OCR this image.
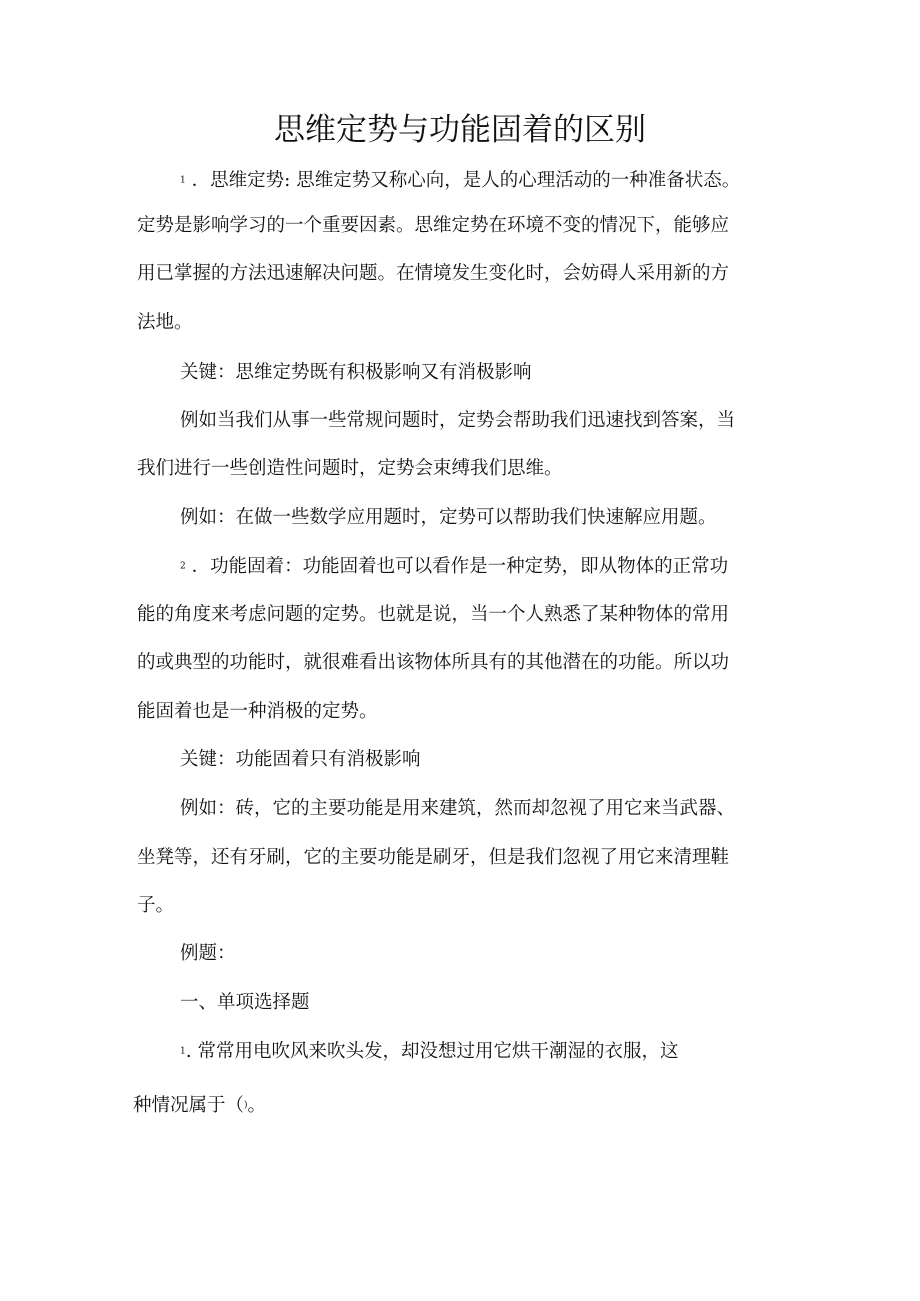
思维定势与功能固着的区别
1 ．思维定势: 思维定势又称心向，是人的心理活动的一种准备状态。
定势是影响学习的一个重要因素。思维定势在环境不变的情况下，能够应
用已掌握的方法迅速解决问题。在情境发生变化时，会妨碍人采用新的方
法地。
关键：思维定势既有积极影响又有消极影响
例如当我们从事一些常规问题时，定势会帮助我们迅速找到答案，当
我们进行一些创造性问题时，定势会束缚我们思维。
例如：在做一些数学应用题时，定势可以帮助我们快速解应用题。
2 ．功能固着：功能固着也可以看作是一种定势，即从物体的正常功
能的角度来考虑问题的定势。也就是说，当一个人熟悉了某种物体的常用
的或典型的功能时，就很难看出该物体所具有的其他潜在的功能。所以功
能固着也是一种消极的定势。
关键：功能固着只有消极影响
例如：砖，它的主要功能是用来建筑，然而却忽视了用它来当武器、
坐凳等，还有牙刷，它的主要功能是刷牙，但是我们忽视了用它来清理鞋
子。
例题：
一、单项选择题
1. 常常用电吹风来吹头发，却没想过用它烘干潮湿的衣服，这
种情况属于（)。
